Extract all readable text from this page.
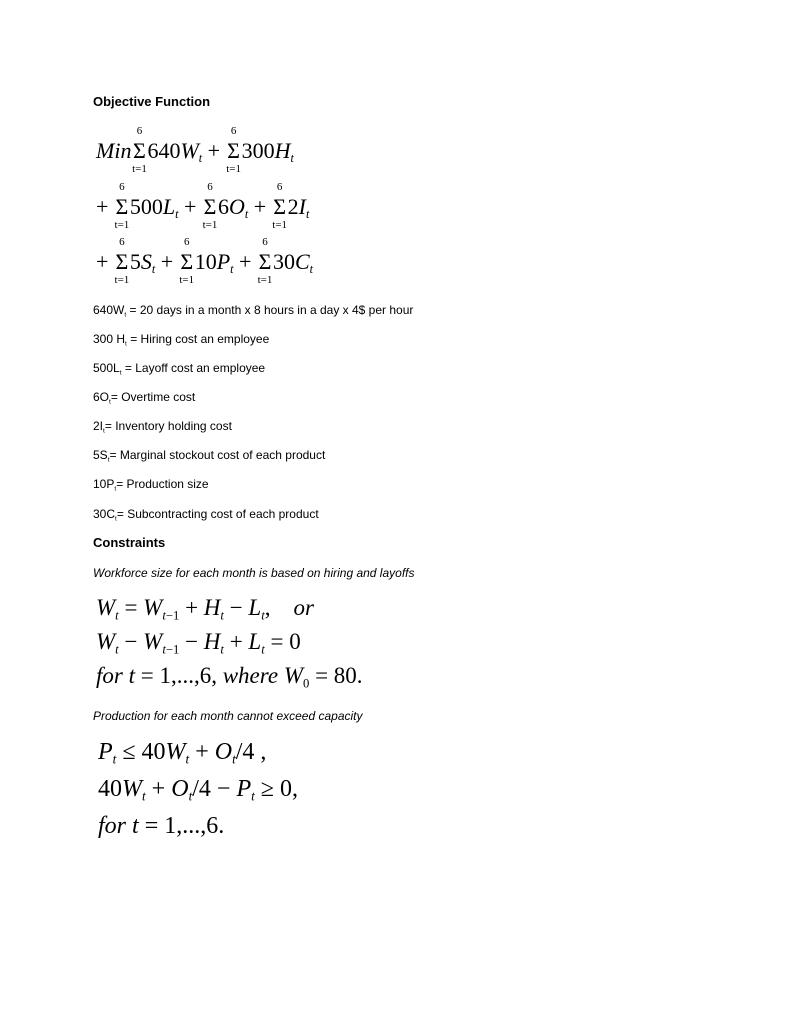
Objective Function
Min
6
Σ
t=1
$640W_t$ +
6
Σ
t=1
$300H_t$
+
6
Σ
t=1
$500L_t$ +
6
Σ
t=1
$6O_t$ +
6
Σ
t=1
$2I_t$
+
6
Σ
t=1
$5S_t$ +
6
Σ
t=1
$10P_t$ +
6
Σ
t=1
$30C_t$
640Wt = 20 days in a month x 8 hours in a day x 4$ per hour
300 Ht = Hiring cost an employee
500Lt = Layoff cost an employee
6Ot= Overtime cost
2It= Inventory holding cost
5St= Marginal stockout cost of each product
10Pt= Production size
30Ct= Subcontracting cost of each product
Constraints
Workforce size for each month is based on hiring and layoffs
$W_t = W_t-1 + H_t - L_t$,    or
$W_t - W_t-1 - H_t + L_t = 0$
for t = 1,...,6, where W0 = 80.
Production for each month cannot exceed capacity
$P_t \le 40W_t + O_t/4$ ,
$40W_t + O_t/4 - P_t \ge 0$,
for t = 1,...,6.
